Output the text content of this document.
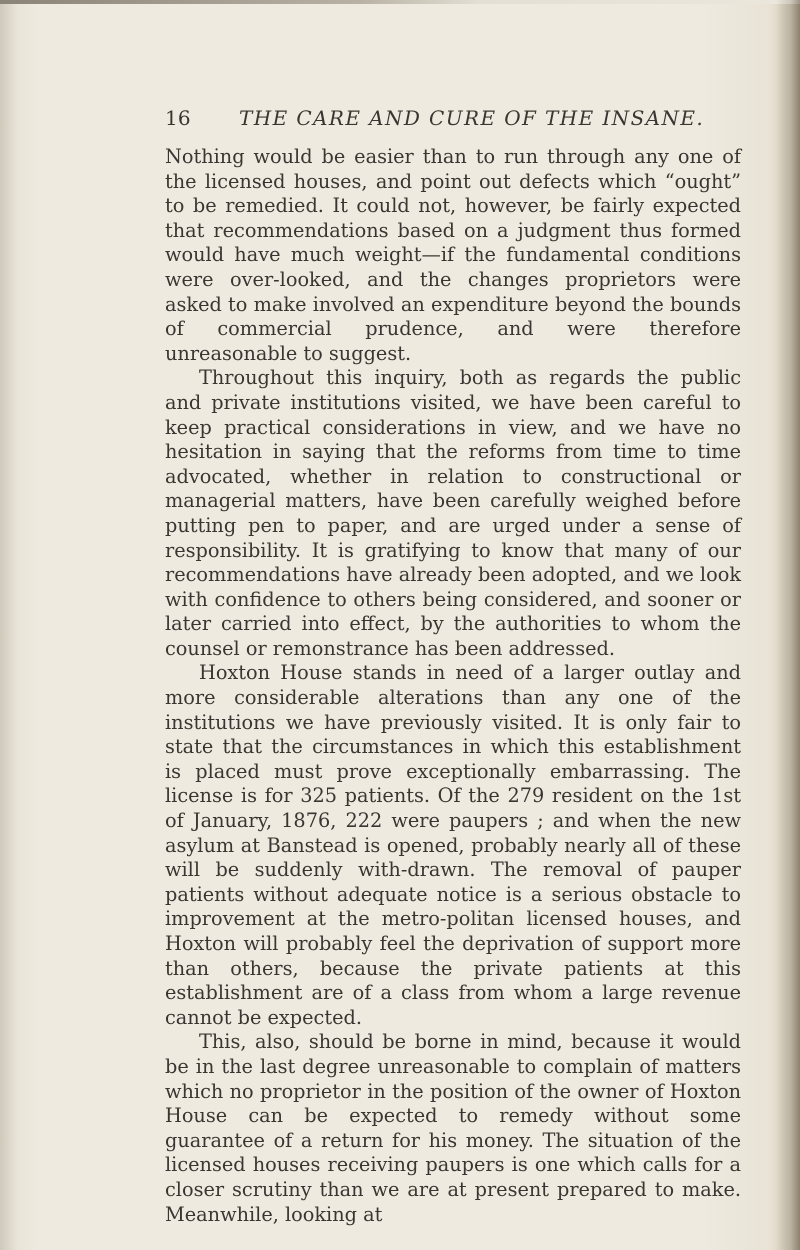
16 THE CARE AND CURE OF THE INSANE.

Nothing would be easier than to run through any one of the licensed houses, and point out defects which “ought” to be remedied. It could not, however, be fairly expected that recommendations based on a judgment thus formed would have much weight—if the fundamental conditions were over-looked, and the changes proprietors were asked to make involved an expenditure beyond the bounds of commercial prudence, and were therefore unreasonable to suggest.

Throughout this inquiry, both as regards the public and private institutions visited, we have been careful to keep practical considerations in view, and we have no hesitation in saying that the reforms from time to time advocated, whether in relation to constructional or managerial matters, have been carefully weighed before putting pen to paper, and are urged under a sense of responsibility. It is gratifying to know that many of our recommendations have already been adopted, and we look with confidence to others being considered, and sooner or later carried into effect, by the authorities to whom the counsel or remonstrance has been addressed.

Hoxton House stands in need of a larger outlay and more considerable alterations than any one of the institutions we have previously visited. It is only fair to state that the circumstances in which this establishment is placed must prove exceptionally embarrassing. The license is for 325 patients. Of the 279 resident on the 1st of January, 1876, 222 were paupers ; and when the new asylum at Banstead is opened, probably nearly all of these will be suddenly with-drawn. The removal of pauper patients without adequate notice is a serious obstacle to improvement at the metro-politan licensed houses, and Hoxton will probably feel the deprivation of support more than others, because the private patients at this establishment are of a class from whom a large revenue cannot be expected.

This, also, should be borne in mind, because it would be in the last degree unreasonable to complain of matters which no proprietor in the position of the owner of Hoxton House can be expected to remedy without some guarantee of a return for his money. The situation of the licensed houses receiving paupers is one which calls for a closer scrutiny than we are at present prepared to make. Meanwhile, looking at
